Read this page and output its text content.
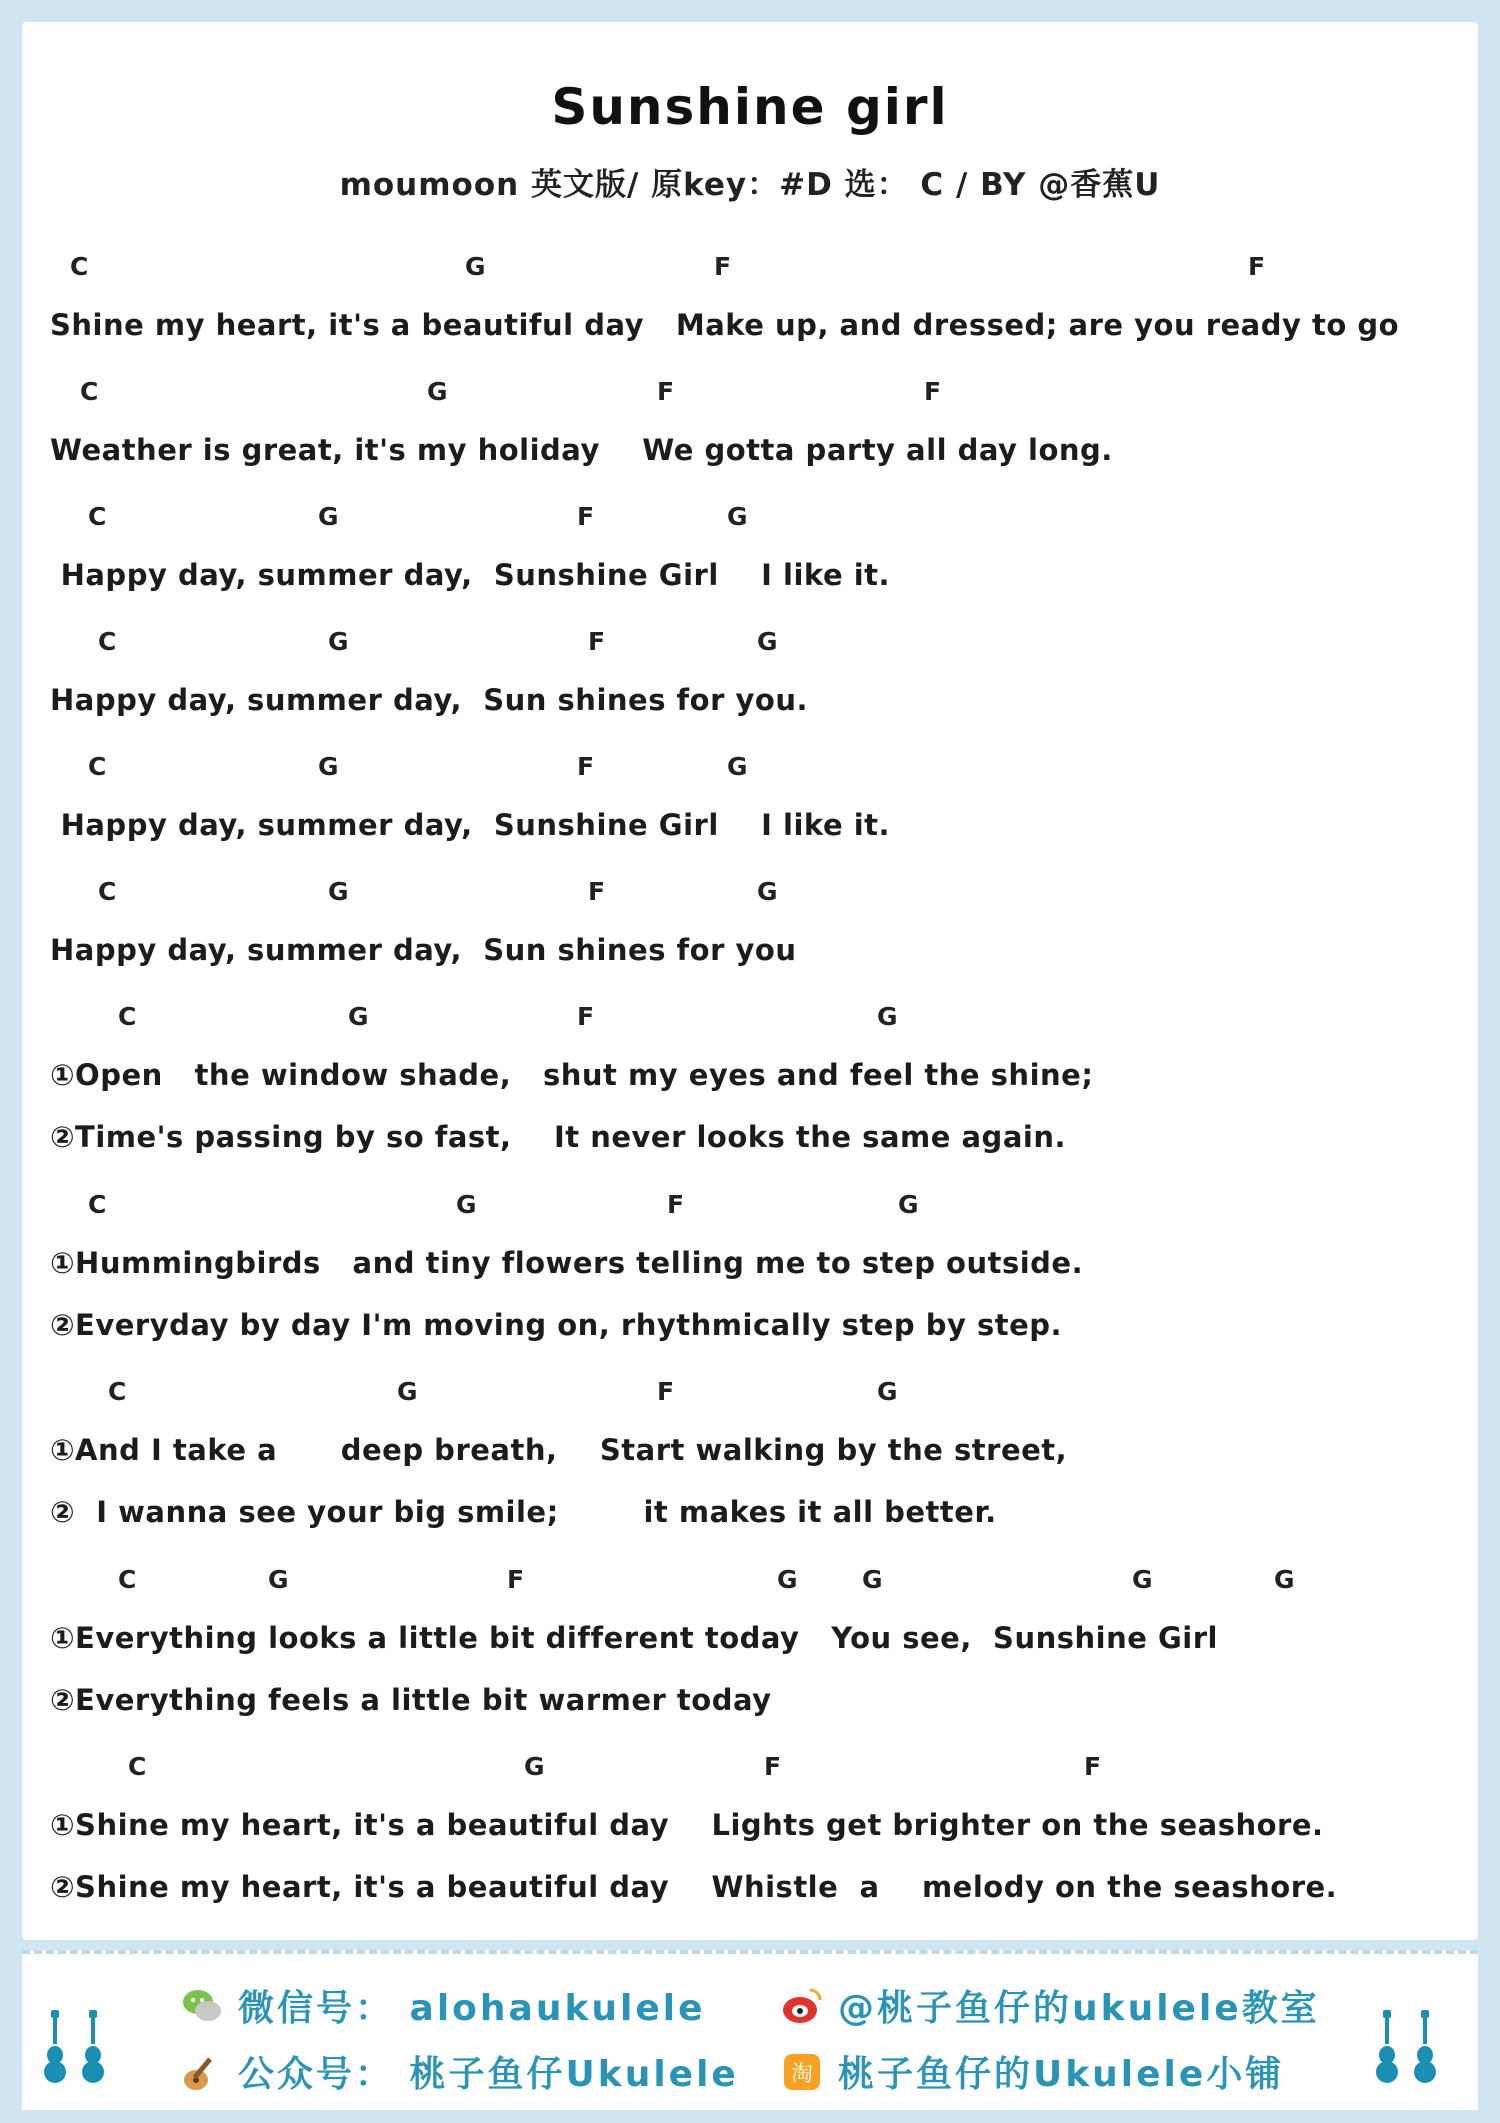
Sunshine girl
moumoon 英文版/ 原key：#D 选： C / BY @香蕉U
C	G	F	F
Shine my heart, it's a beautiful day   Make up, and dressed; are you ready to go
C	G	F	F
Weather is great, it's my holiday    We gotta party all day long.
C	G	F	G
Happy day, summer day,  Sunshine Girl    I like it.
C	G	F	G
Happy day, summer day,  Sun shines for you.
C	G	F	G
Happy day, summer day,  Sunshine Girl    I like it.
C	G	F	G
Happy day, summer day,  Sun shines for you
C	G	F	G
①Open   the window shade,   shut my eyes and feel the shine;
②Time's passing by so fast,    It never looks the same again.
C	G	F	G
①Hummingbirds   and tiny flowers telling me to step outside.
②Everyday by day I'm moving on, rhythmically step by step.
C	G	F	G
①And I take a      deep breath,    Start walking by the street,
②  I wanna see your big smile;        it makes it all better.
C	G	F	G	G	G	G
①Everything looks a little bit different today   You see,  Sunshine Girl
②Everything feels a little bit warmer today
C	G	F	F
①Shine my heart, it's a beautiful day    Lights get brighter on the seashore.
②Shine my heart, it's a beautiful day    Whistle  a    melody on the seashore.
微信号： alohaukulele	@桃子鱼仔的ukulele教室
公众号： 桃子鱼仔Ukulele 淘 桃子鱼仔的Ukulele小铺
